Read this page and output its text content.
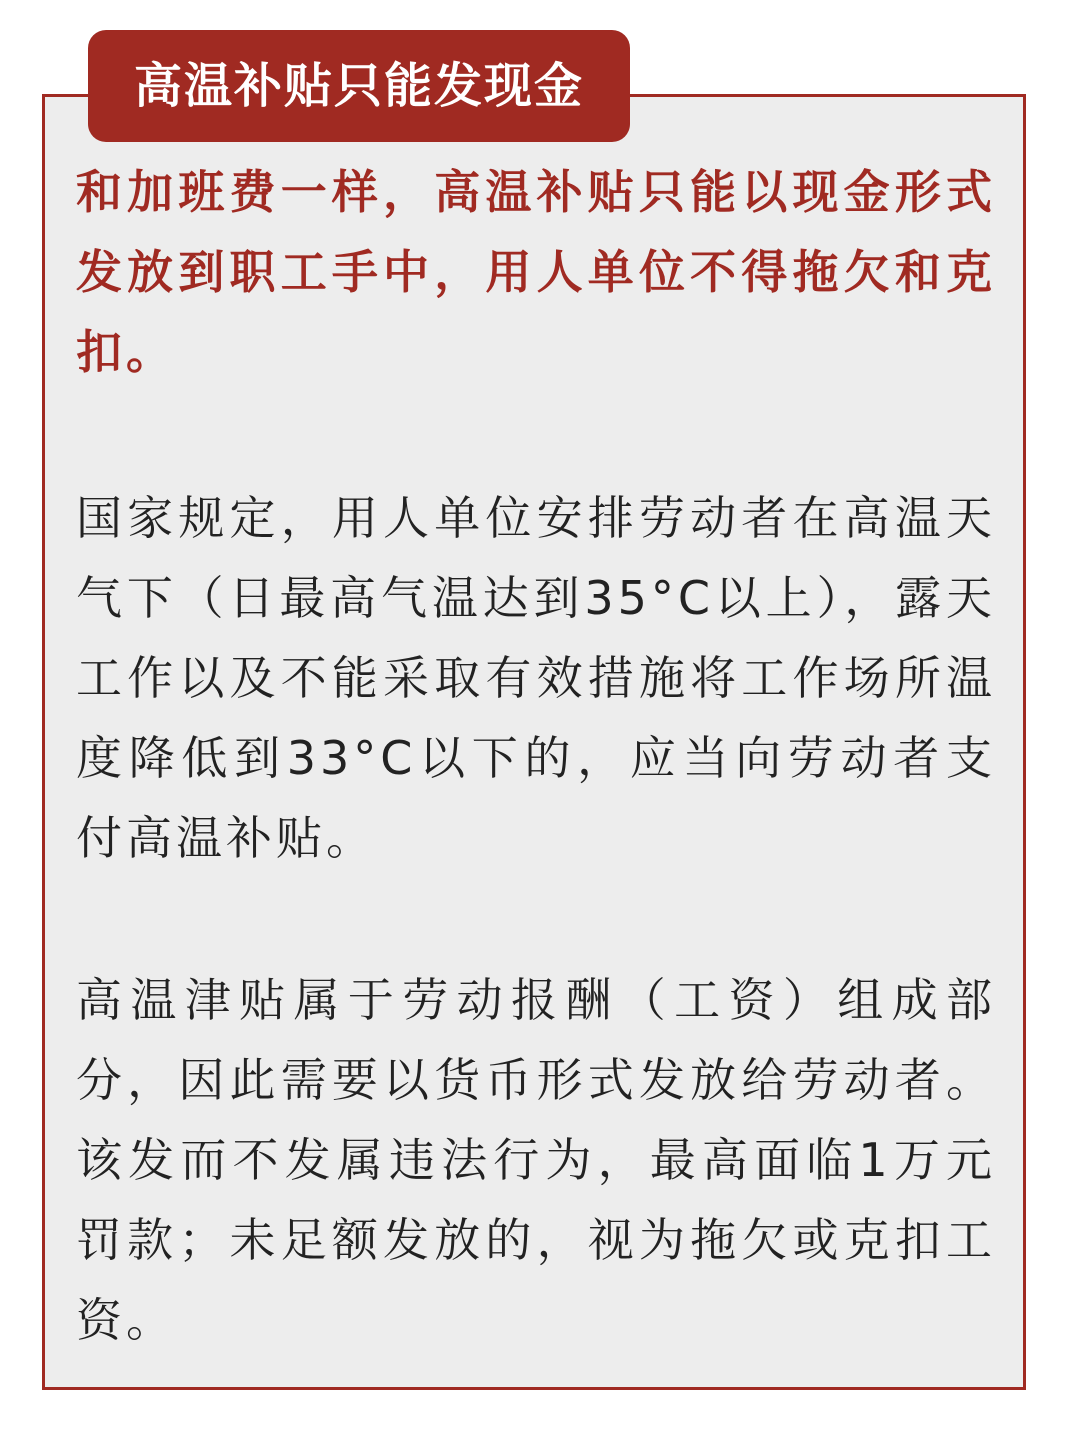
高温补贴只能发现金

和加班费一样，高温补贴只能以现金形式发放到职工手中，用人单位不得拖欠和克扣。

国家规定，用人单位安排劳动者在高温天气下（日最高气温达到35°C以上），露天工作以及不能采取有效措施将工作场所温度降低到33°C以下的，应当向劳动者支付高温补贴。

高温津贴属于劳动报酬（工资）组成部分，因此需要以货币形式发放给劳动者。该发而不发属违法行为，最高面临1万元罚款；未足额发放的，视为拖欠或克扣工资。
